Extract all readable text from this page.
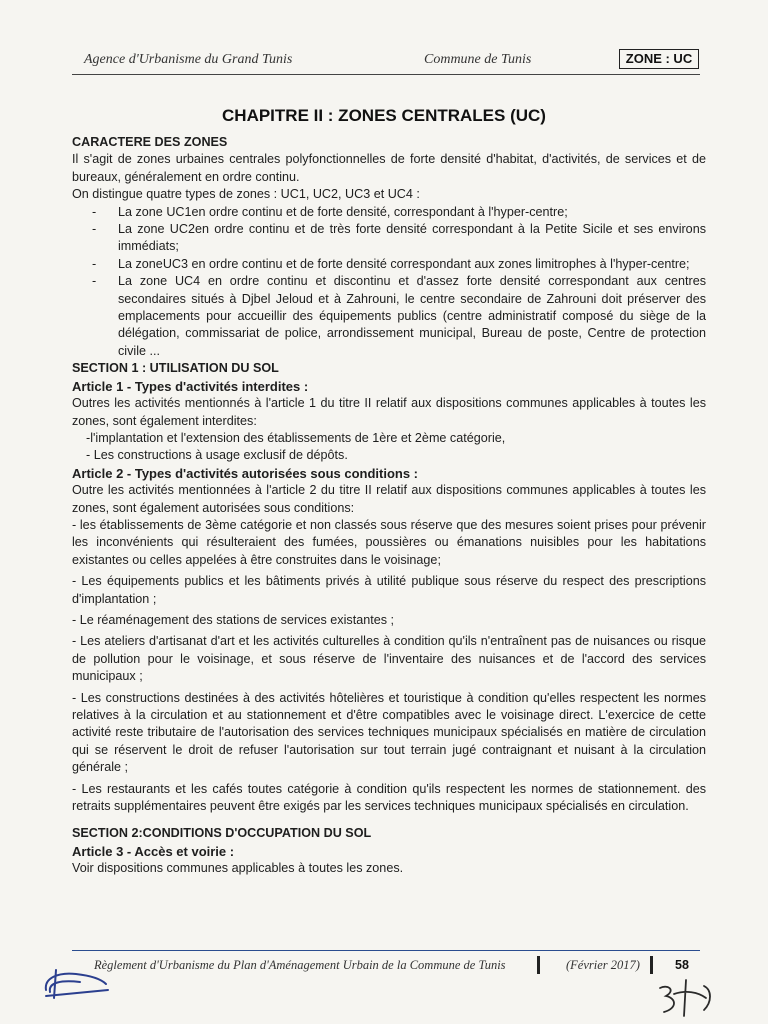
Agence d'Urbanisme du Grand Tunis	Commune de Tunis	ZONE : UC
CHAPITRE II : ZONES CENTRALES (UC)

CARACTERE DES ZONES

Il s'agit de zones urbaines centrales polyfonctionnelles de forte densité d'habitat, d'activités, de services et de bureaux, généralement en ordre continu.

On distingue quatre types de zones : UC1, UC2, UC3 et UC4 :

- La zone UC1en ordre continu et de forte densité, correspondant à l'hyper-centre;
- La zone UC2en ordre continu et de très forte densité correspondant à la Petite Sicile et ses environs immédiats;
- La zoneUC3 en ordre continu et de forte densité correspondant aux zones limitrophes à l'hyper-centre;
- La zone UC4 en ordre continu et discontinu et d'assez forte densité correspondant aux centres secondaires situés à Djbel Jeloud et à Zahrouni, le centre secondaire de Zahrouni doit préserver des emplacements pour accueillir des équipements publics (centre administratif composé du siège de la délégation, commissariat de police, arrondissement municipal, Bureau de poste, Centre de protection civile ...

SECTION 1 : UTILISATION DU SOL

Article 1 - Types d'activités interdites :

Outres les activités mentionnés à l'article 1 du titre II relatif aux dispositions communes applicables à toutes les zones, sont également interdites:

-l'implantation et l'extension des établissements de 1ère et 2ème catégorie,

- Les constructions à usage exclusif de dépôts.

Article 2 - Types d'activités autorisées sous conditions :

Outre les activités mentionnées à l'article 2 du titre II relatif aux dispositions communes applicables à toutes les zones, sont également autorisées sous conditions:

- les établissements de 3ème catégorie et non classés sous réserve que des mesures soient prises pour prévenir les inconvénients qui résulteraient des fumées, poussières ou émanations nuisibles pour les habitations existantes ou celles appelées à être construites dans le voisinage;

- Les équipements publics et les bâtiments privés à utilité publique sous réserve du respect des prescriptions d'implantation ;

- Le réaménagement des stations de services existantes ;

- Les ateliers d'artisanat d'art et les activités culturelles à condition qu'ils n'entraînent pas de nuisances ou risque de pollution pour le voisinage, et sous réserve de l'inventaire des nuisances et de l'accord des services municipaux ;

- Les constructions destinées à des activités hôtelières et touristique à condition qu'elles respectent les normes relatives à la circulation et au stationnement et d'être compatibles avec le voisinage direct. L'exercice de cette activité reste tributaire de l'autorisation des services techniques municipaux spécialisés en matière de circulation qui se réservent le droit de refuser l'autorisation sur tout terrain jugé contraignant et nuisant à la circulation générale ;

- Les restaurants et les cafés toutes catégorie à condition qu'ils respectent les normes de stationnement. des retraits supplémentaires peuvent être exigés par les services techniques municipaux spécialisés en circulation.

SECTION 2:CONDITIONS D'OCCUPATION DU SOL

Article 3 - Accès et voirie :

Voir dispositions communes applicables à toutes les zones.

Règlement d'Urbanisme du Plan d'Aménagement Urbain de la Commune de Tunis	(Février 2017)	58
